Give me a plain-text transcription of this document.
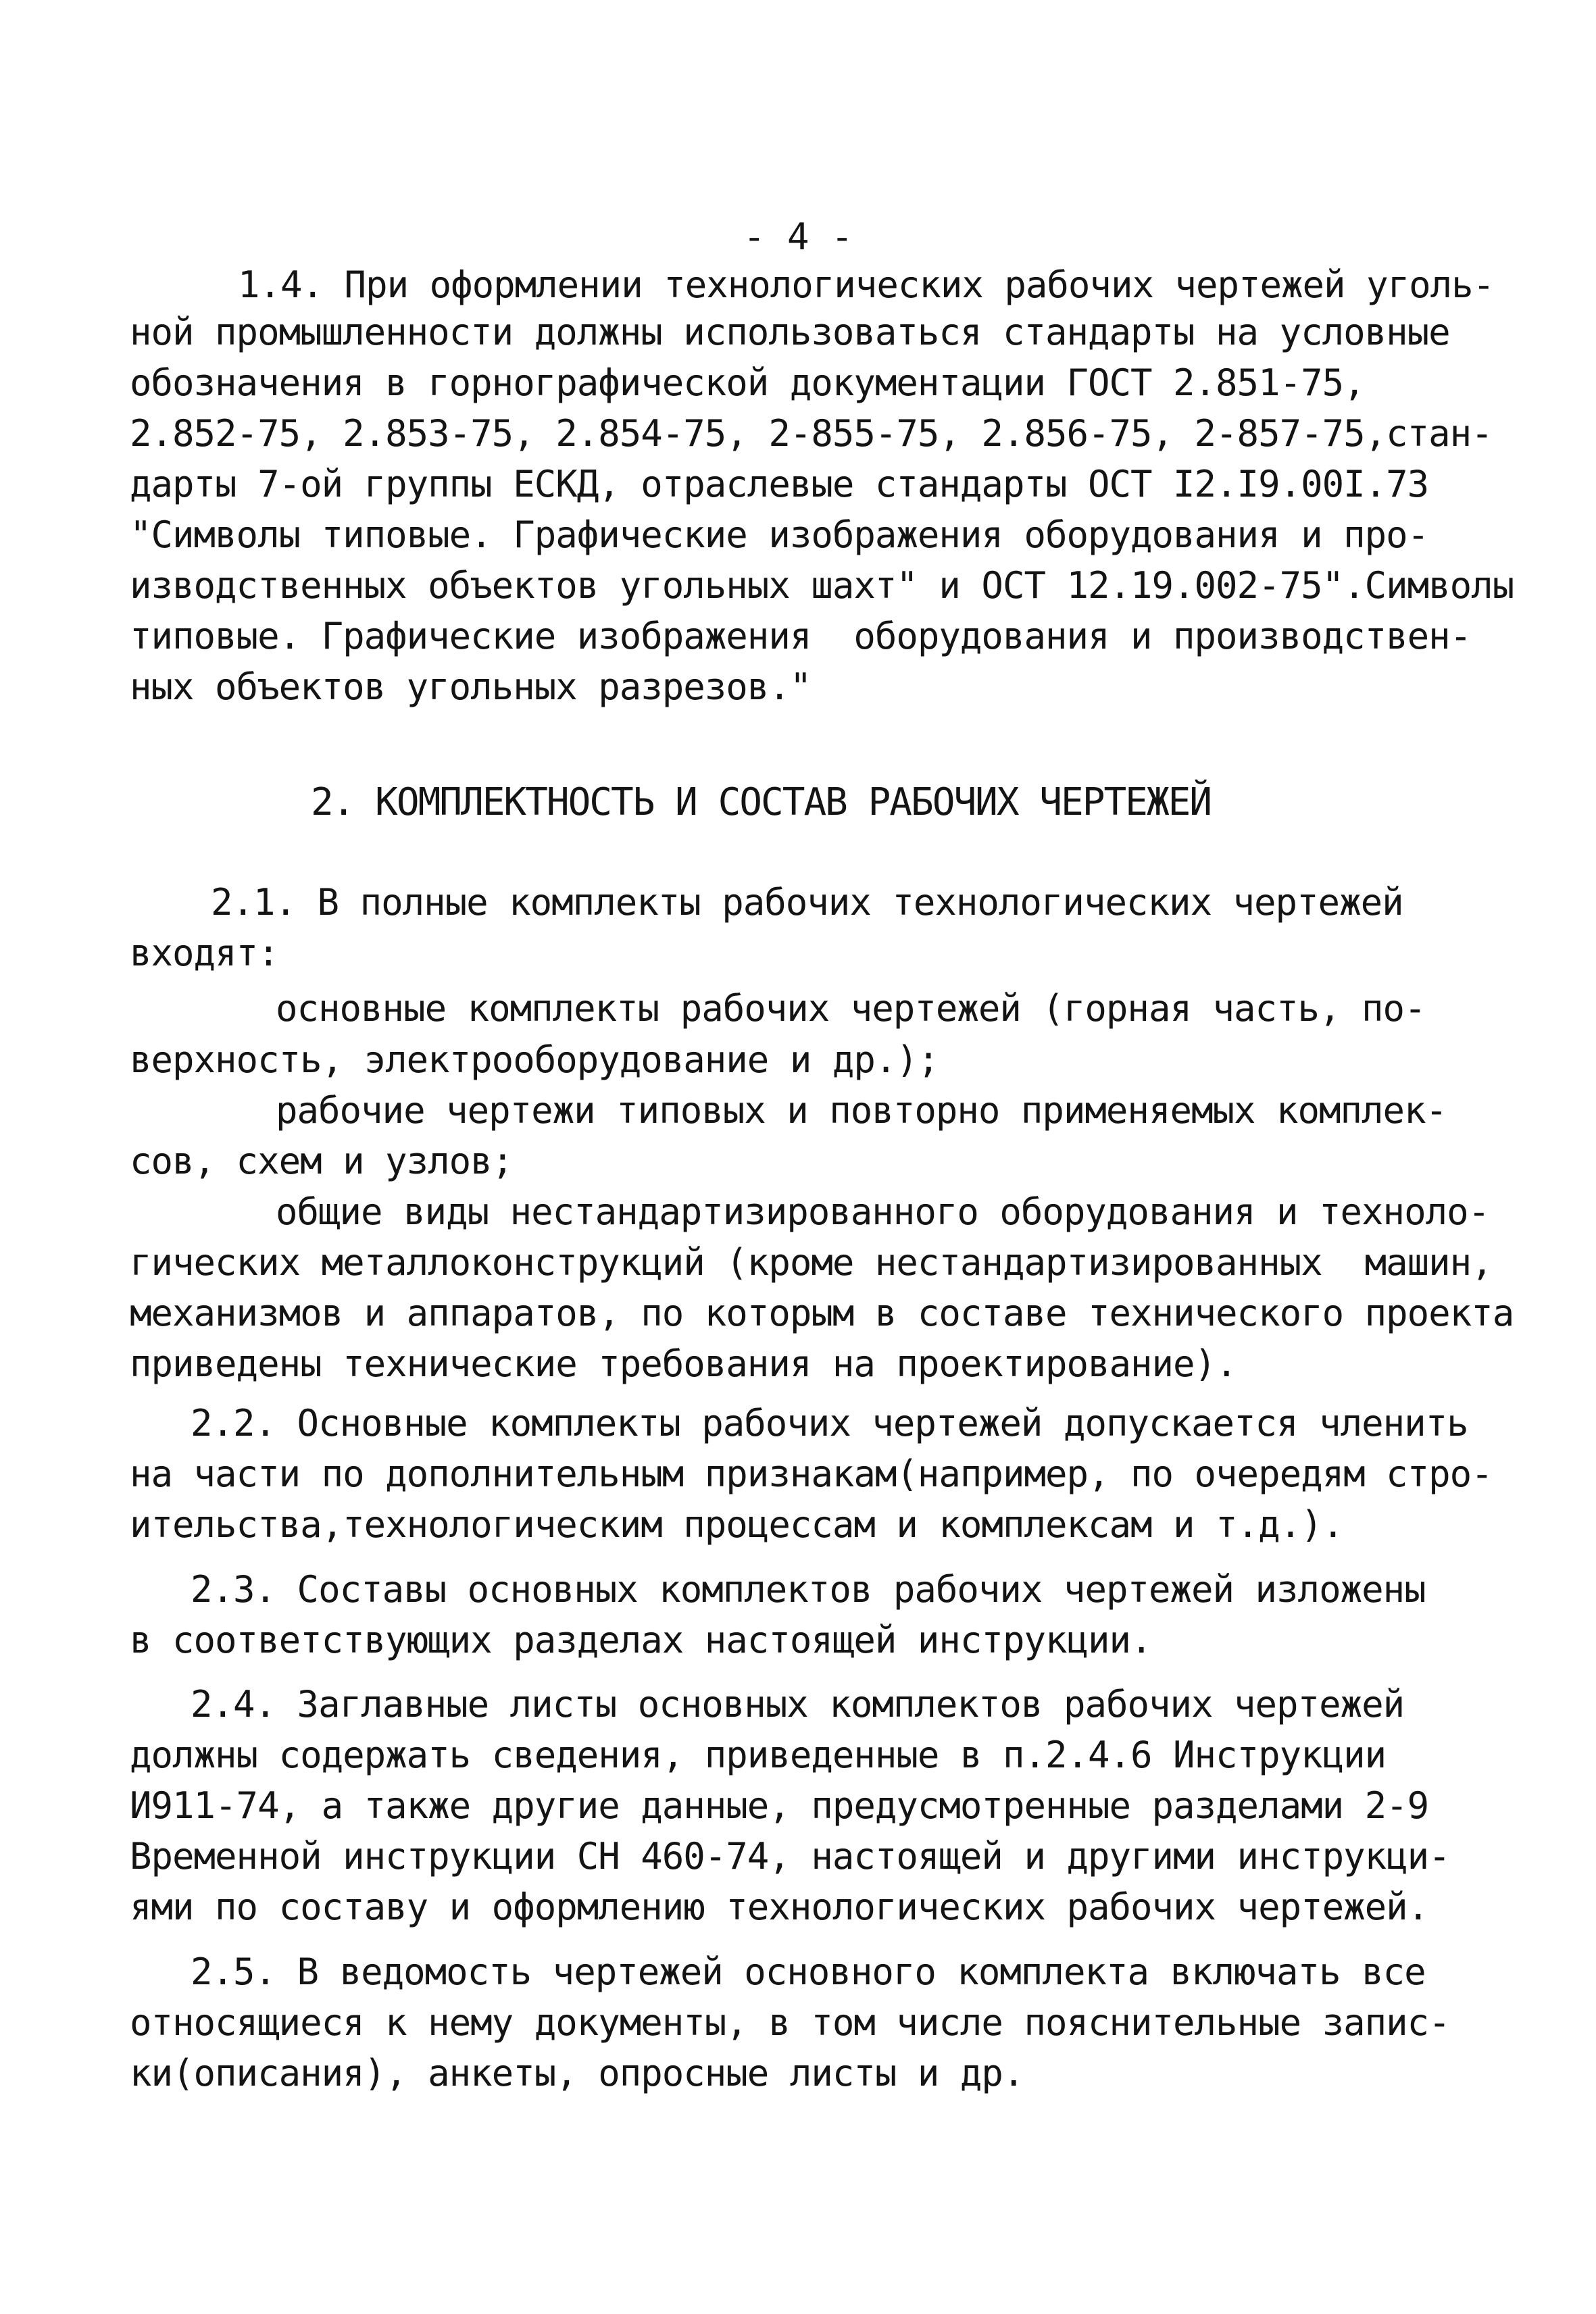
- 4 -
1.4. При оформлении технологических рабочих чертежей уголь-
ной промышленности должны использоваться стандарты на условные
обозначения в горнографической документации ГОСТ 2.851-75,
2.852-75, 2.853-75, 2.854-75, 2-855-75, 2.856-75, 2-857-75,стан-
дарты 7-ой группы ЕСКД, отраслевые стандарты ОСТ I2.I9.00I.73
"Символы типовые. Графические изображения оборудования и про-
изводственных объектов угольных шахт" и ОСТ 12.19.002-75".Символы
типовые. Графические изображения  оборудования и производствен-
ных объектов угольных разрезов."
2. КОМПЛЕКТНОСТЬ И СОСТАВ РАБОЧИХ ЧЕРТЕЖЕЙ
2.1. В полные комплекты рабочих технологических чертежей
входят:
основные комплекты рабочих чертежей (горная часть, по-
верхность, электрооборудование и др.);
рабочие чертежи типовых и повторно применяемых комплек-
сов, схем и узлов;
общие виды нестандартизированного оборудования и техноло-
гических металлоконструкций (кроме нестандартизированных  машин,
механизмов и аппаратов, по которым в составе технического проекта
приведены технические требования на проектирование).
2.2. Основные комплекты рабочих чертежей допускается членить
на части по дополнительным признакам(например, по очередям стро-
ительства,технологическим процессам и комплексам и т.д.).
2.3. Составы основных комплектов рабочих чертежей изложены
в соответствующих разделах настоящей инструкции.
2.4. Заглавные листы основных комплектов рабочих чертежей
должны содержать сведения, приведенные в п.2.4.6 Инструкции
И911-74, а также другие данные, предусмотренные разделами 2-9
Временной инструкции СН 460-74, настоящей и другими инструкци-
ями по составу и оформлению технологических рабочих чертежей.
2.5. В ведомость чертежей основного комплекта включать все
относящиеся к нему документы, в том числе пояснительные запис-
ки(описания), анкеты, опросные листы и др.
